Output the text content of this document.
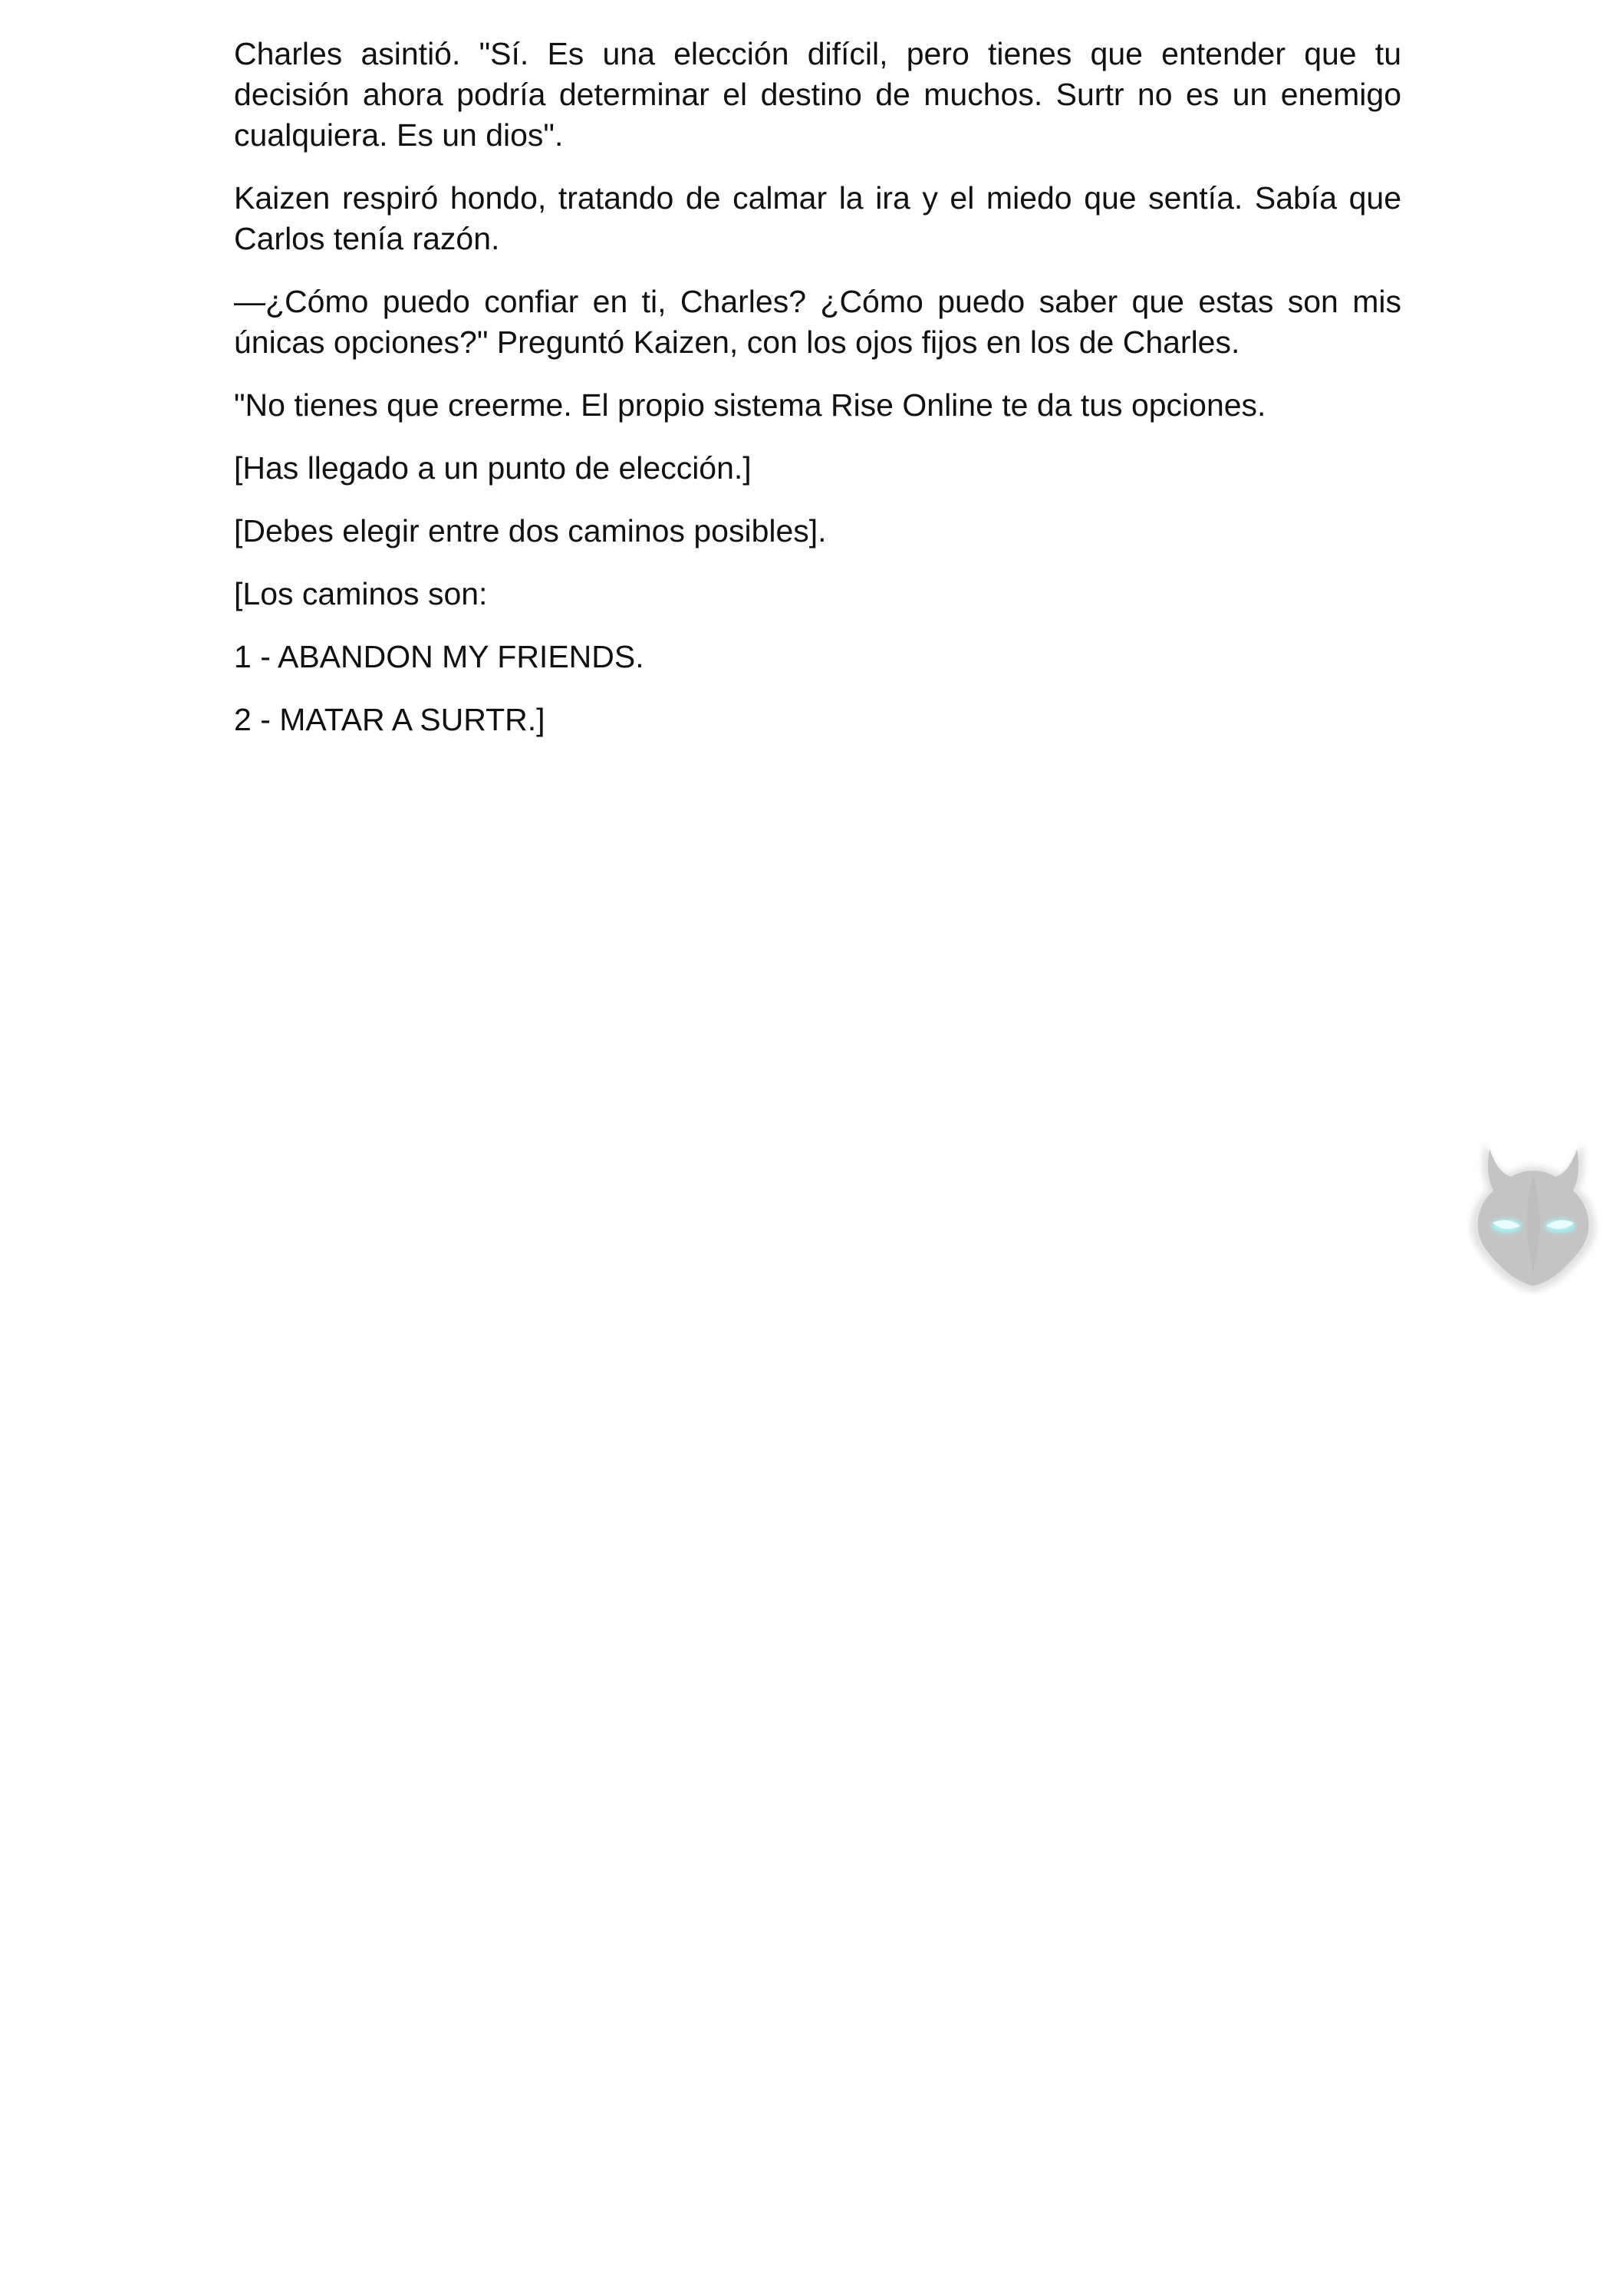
Charles asintió. "Sí. Es una elección difícil, pero tienes que entender que tu decisión ahora podría determinar el destino de muchos. Surtr no es un enemigo cualquiera. Es un dios".

Kaizen respiró hondo, tratando de calmar la ira y el miedo que sentía. Sabía que Carlos tenía razón.

—¿Cómo puedo confiar en ti, Charles? ¿Cómo puedo saber que estas son mis únicas opciones?" Preguntó Kaizen, con los ojos fijos en los de Charles.

"No tienes que creerme. El propio sistema Rise Online te da tus opciones.

[Has llegado a un punto de elección.]

[Debes elegir entre dos caminos posibles].

[Los caminos son:

1 - ABANDON MY FRIENDS.

2 - MATAR A SURTR.]
